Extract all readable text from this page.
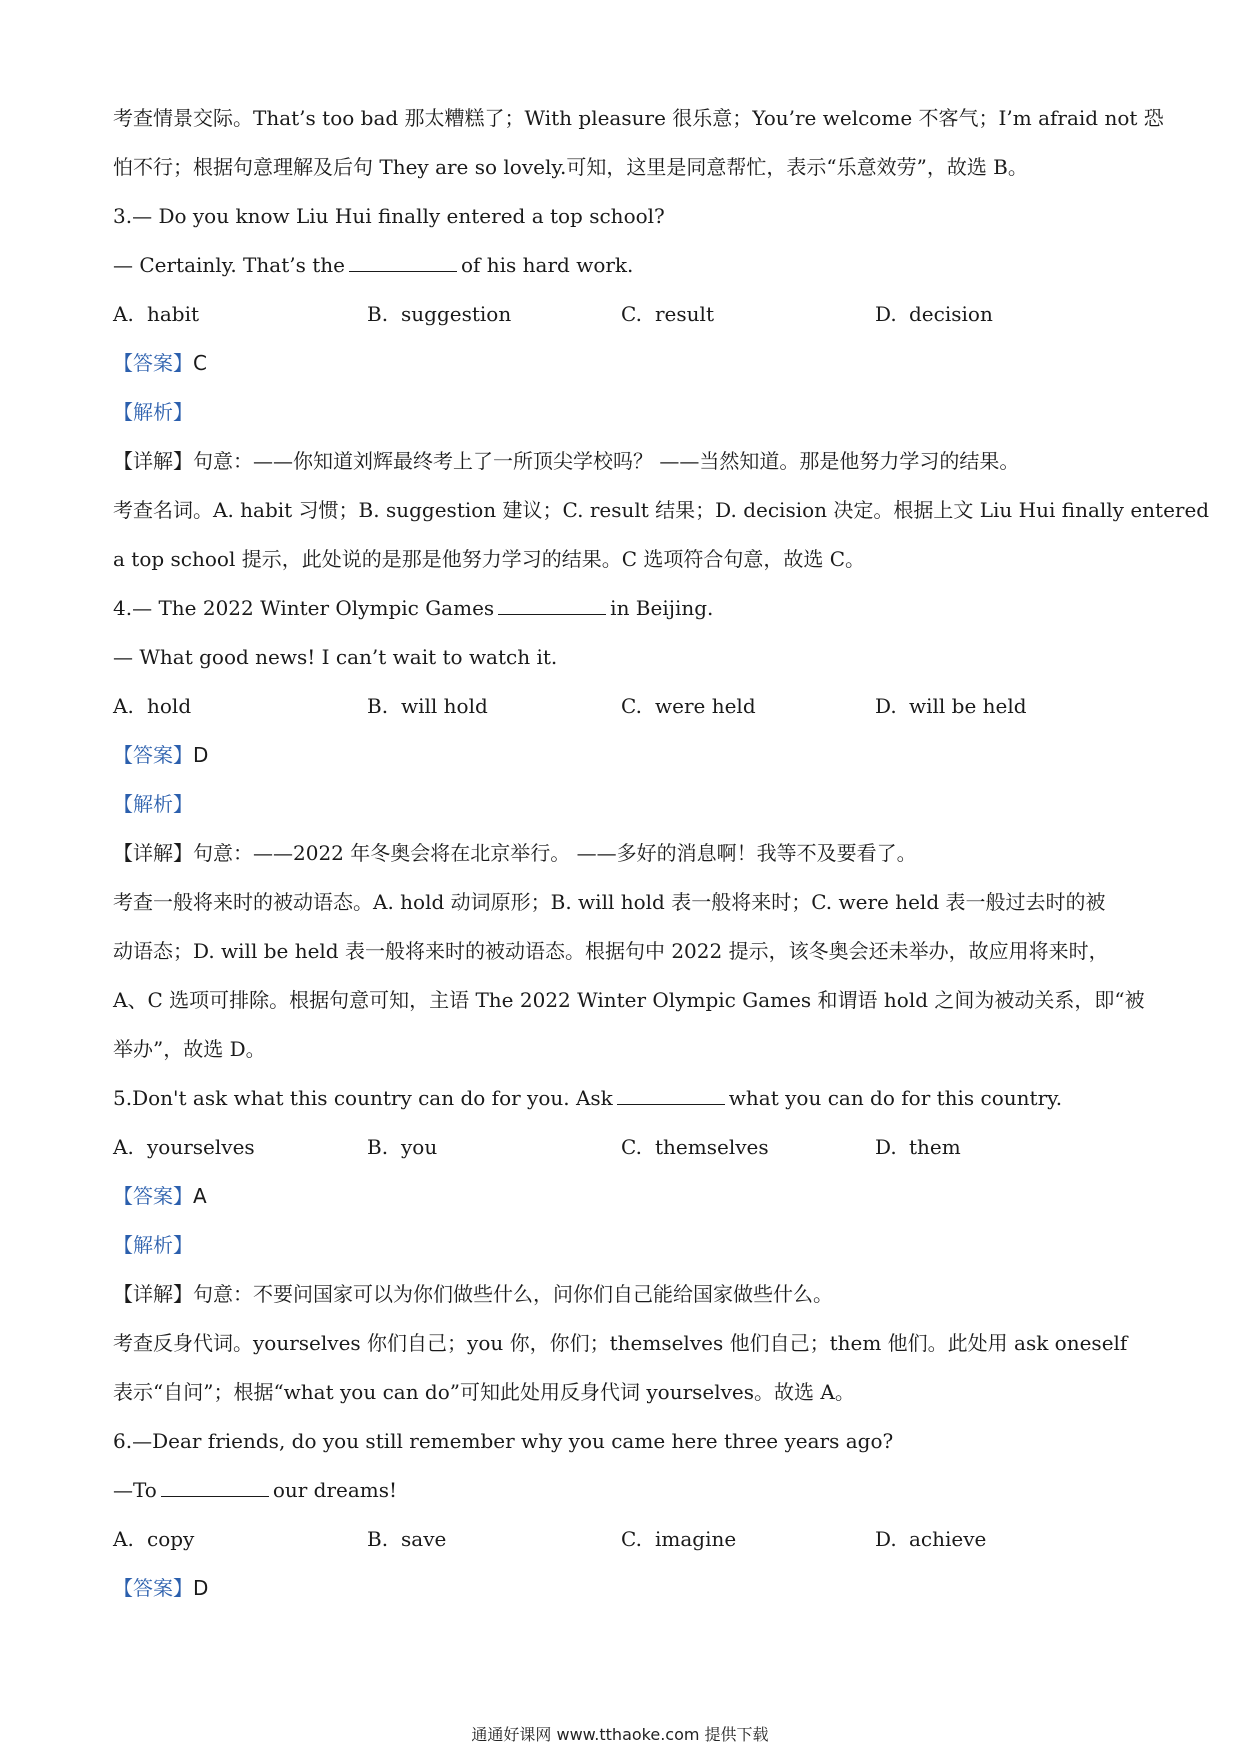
考查情景交际。That’s too bad 那太糟糕了；With pleasure 很乐意；You’re welcome 不客气；I’m afraid not 恐
怕不行；根据句意理解及后句 They are so lovely.可知，这里是同意帮忙，表示“乐意效劳”，故选 B。
3.— Do you know Liu Hui finally entered a top school?
— Certainly. That’s the	of his hard work.
A. habit	B. suggestion	C. result	D. decision
【答案】C
【解析】
【详解】句意：——你知道刘辉最终考上了一所顶尖学校吗？ ——当然知道。那是他努力学习的结果。
考查名词。A. habit 习惯；B. suggestion 建议；C. result 结果；D. decision 决定。根据上文 Liu Hui finally entered
a top school 提示，此处说的是那是他努力学习的结果。C 选项符合句意，故选 C。
4.— The 2022 Winter Olympic Games	in Beijing.
— What good news! I can’t wait to watch it.
A. hold	B. will hold	C. were held	D. will be held
【答案】D
【解析】
【详解】句意：——2022 年冬奥会将在北京举行。 ——多好的消息啊！我等不及要看了。
考查一般将来时的被动语态。A. hold 动词原形；B. will hold 表一般将来时；C. were held 表一般过去时的被
动语态；D. will be held 表一般将来时的被动语态。根据句中 2022 提示，该冬奥会还未举办，故应用将来时，
A、C 选项可排除。根据句意可知，主语 The 2022 Winter Olympic Games 和谓语 hold 之间为被动关系，即“被
举办”，故选 D。
5.Don't ask what this country can do for you. Ask	what you can do for this country.
A. yourselves	B. you	C. themselves	D. them
【答案】A
【解析】
【详解】句意：不要问国家可以为你们做些什么，问你们自己能给国家做些什么。
考查反身代词。yourselves 你们自己；you 你，你们；themselves 他们自己；them 他们。此处用 ask oneself
表示“自问”；根据“what you can do”可知此处用反身代词 yourselves。故选 A。
6.—Dear friends, do you still remember why you came here three years ago?
—To	our dreams!
A. copy	B. save	C. imagine	D. achieve
【答案】D
通通好课网 www.tthaoke.com 提供下载
